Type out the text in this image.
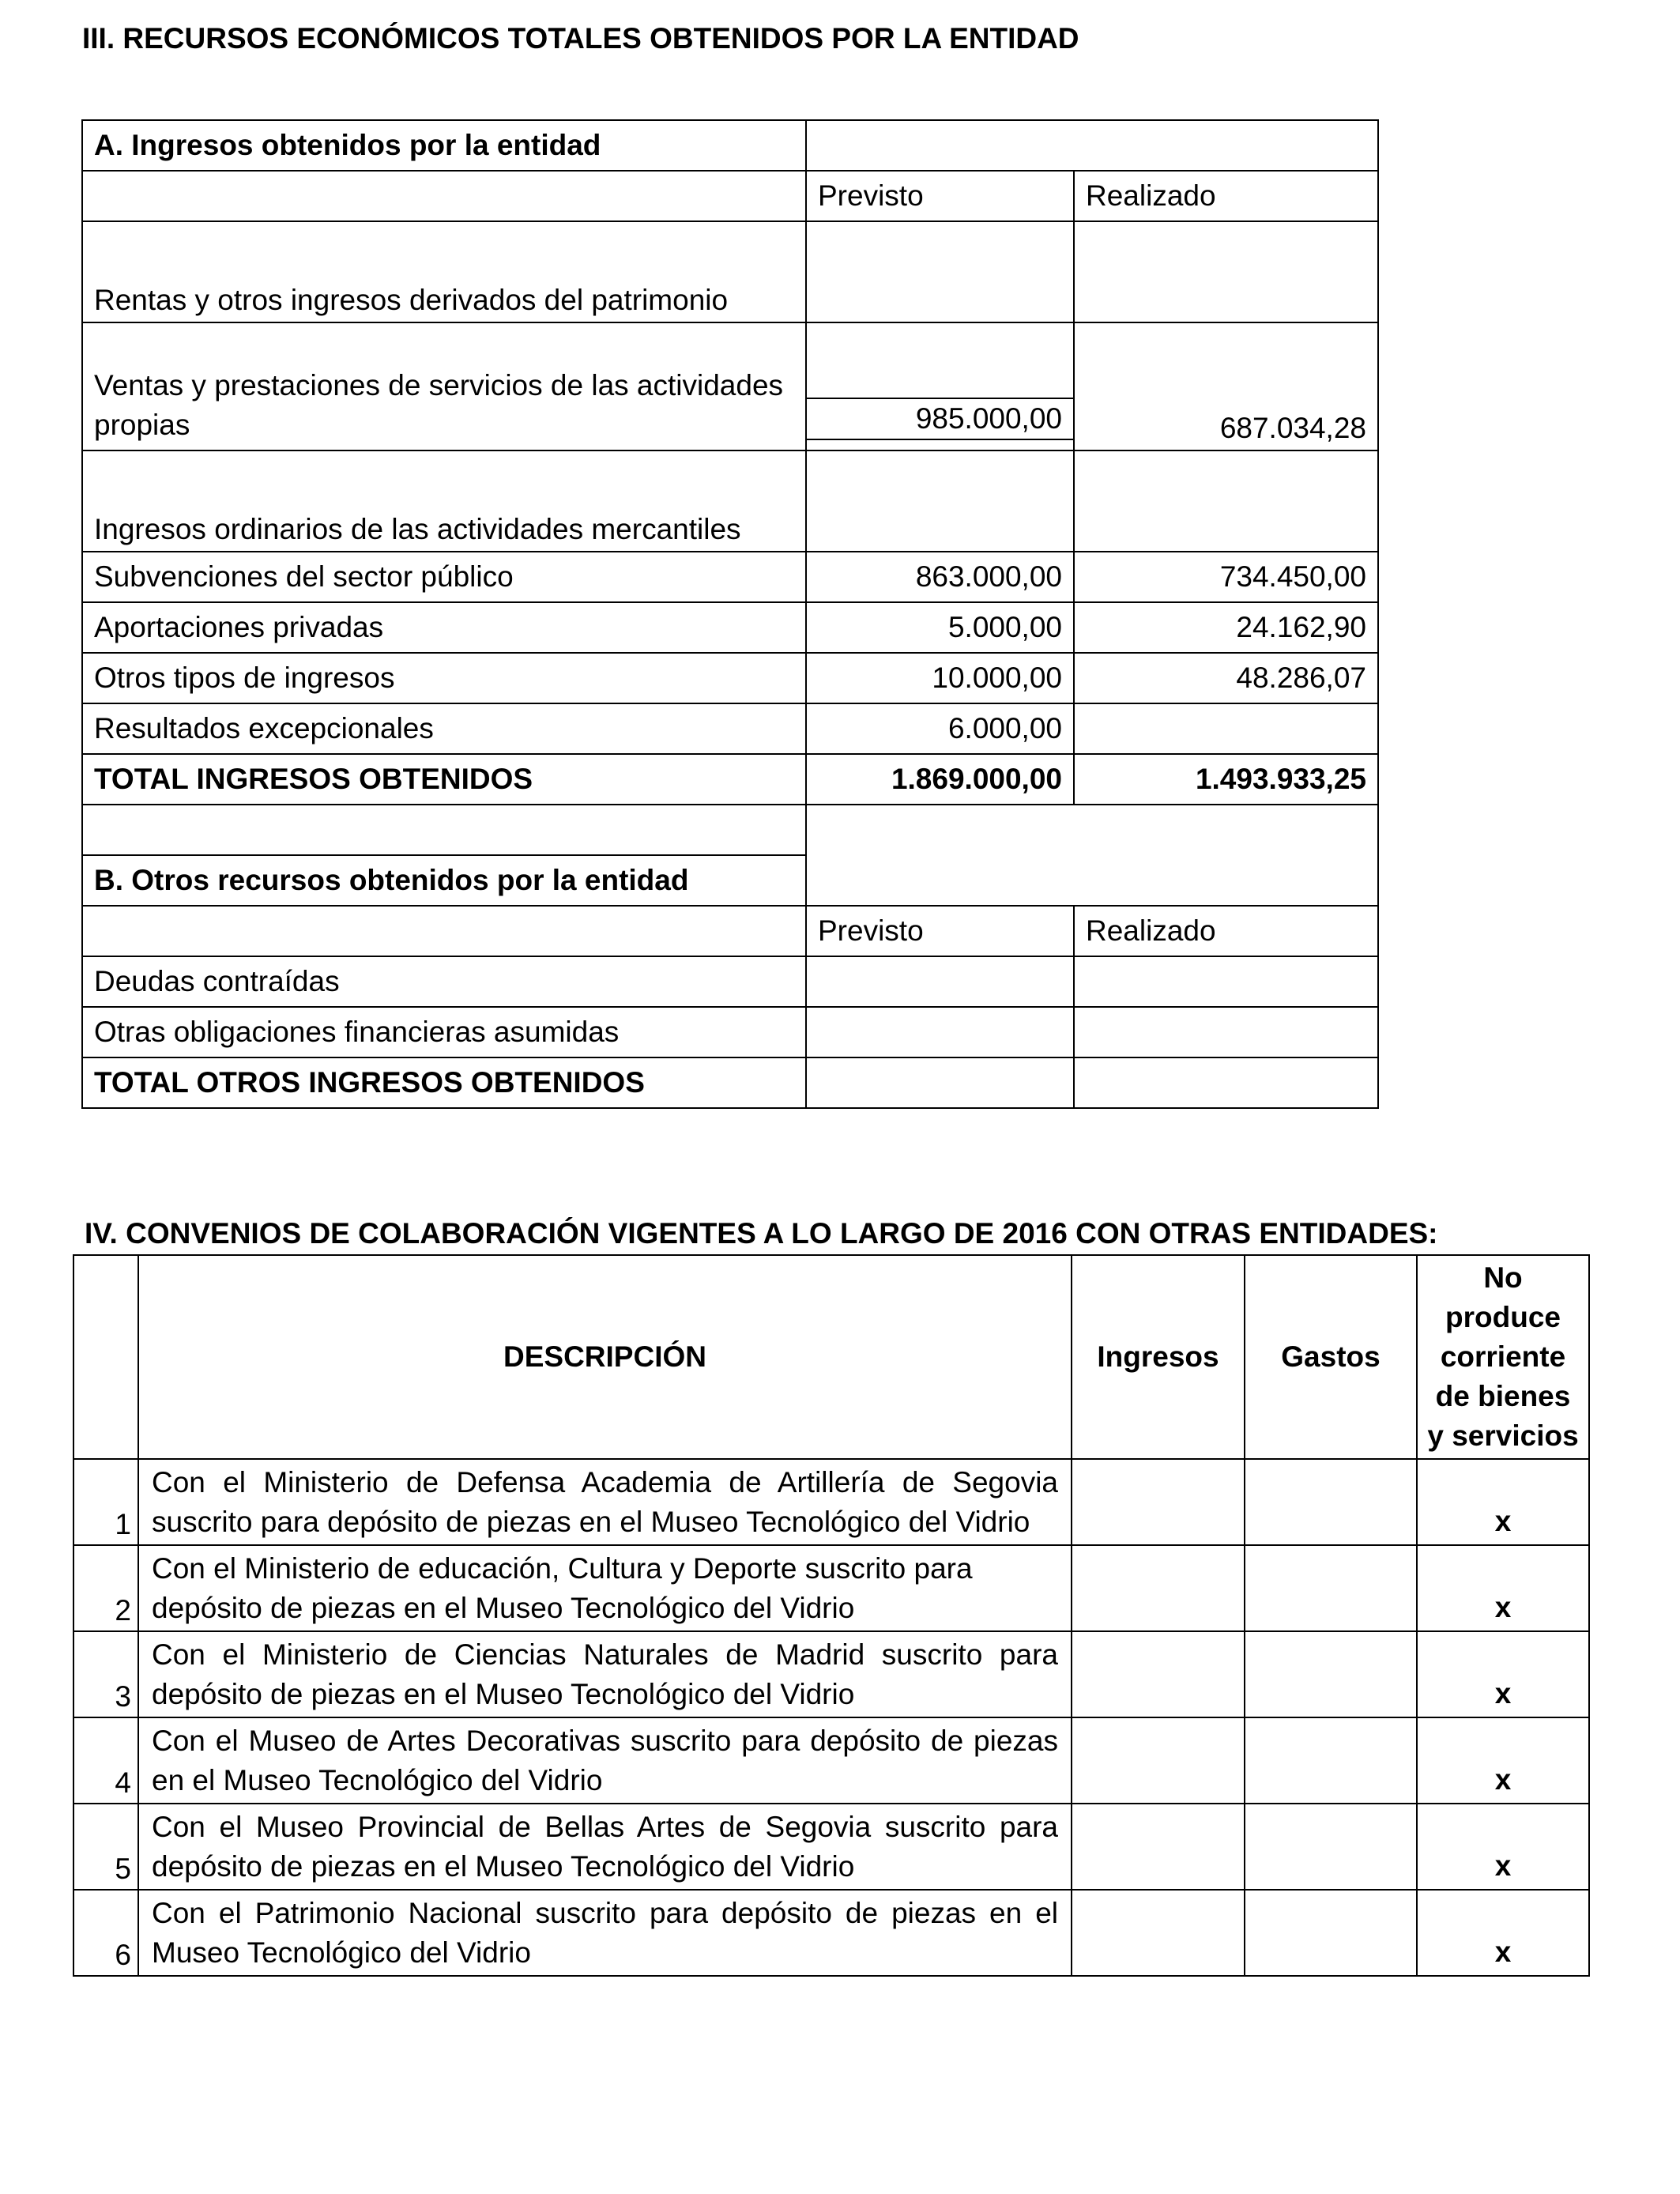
III. RECURSOS ECONÓMICOS TOTALES OBTENIDOS POR LA ENTIDAD
A. Ingresos obtenidos por la entidad		
	Previsto	Realizado
Rentas y otros ingresos derivados del patrimonio		
Ventas y prestaciones de servicios de las actividades propias	985.000,00	687.034,28
Ingresos ordinarios de las actividades mercantiles		
Subvenciones del sector público	863.000,00	734.450,00
Aportaciones privadas	5.000,00	24.162,90
Otros tipos de ingresos	10.000,00	48.286,07
Resultados excepcionales	6.000,00	
TOTAL INGRESOS OBTENIDOS	1.869.000,00	1.493.933,25

B. Otros recursos obtenidos por la entidad		
	Previsto	Realizado
Deudas contraídas		
Otras obligaciones financieras asumidas		
TOTAL OTROS INGRESOS OBTENIDOS		
IV. CONVENIOS DE COLABORACIÓN VIGENTES A LO LARGO DE 2016 CON OTRAS ENTIDADES:
	DESCRIPCIÓN	Ingresos	Gastos	No produce corriente de bienes y servicios
1	Con el Ministerio de Defensa Academia de Artillería de Segovia suscrito para depósito de piezas en el Museo Tecnológico del Vidrio			x
2	Con el Ministerio de educación, Cultura y Deporte suscrito para depósito de piezas en el Museo Tecnológico del Vidrio			x
3	Con el Ministerio de Ciencias Naturales de Madrid suscrito para depósito de piezas en el Museo Tecnológico del Vidrio			x
4	Con el Museo de Artes Decorativas suscrito para depósito de piezas en el Museo Tecnológico del Vidrio			x
5	Con el Museo Provincial de Bellas Artes de Segovia suscrito para depósito de piezas en el Museo Tecnológico del Vidrio			x
6	Con el Patrimonio Nacional suscrito para depósito de piezas en el Museo Tecnológico del Vidrio			x
